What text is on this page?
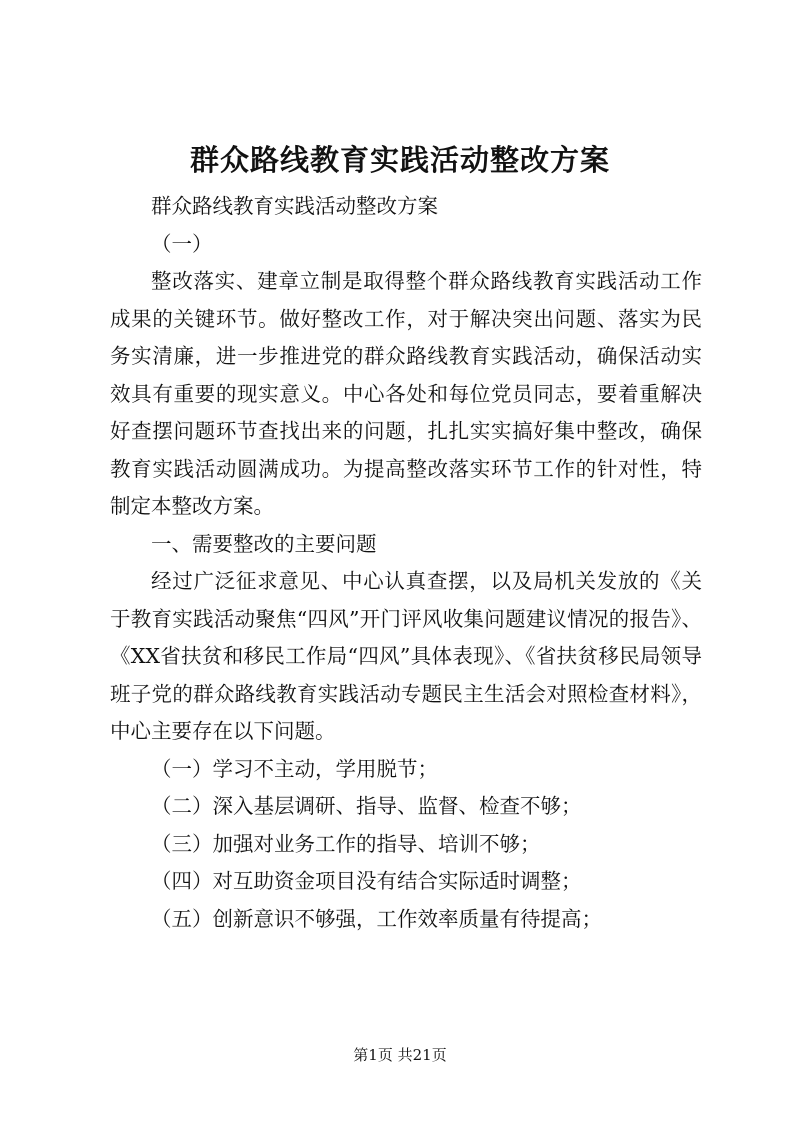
群众路线教育实践活动整改方案

群众路线教育实践活动整改方案

（一）

整改落实、建章立制是取得整个群众路线教育实践活动工作成果的关键环节。做好整改工作，对于解决突出问题、落实为民务实清廉，进一步推进党的群众路线教育实践活动，确保活动实效具有重要的现实意义。中心各处和每位党员同志，要着重解决好查摆问题环节查找出来的问题，扎扎实实搞好集中整改，确保教育实践活动圆满成功。为提高整改落实环节工作的针对性，特制定本整改方案。

一、需要整改的主要问题

经过广泛征求意见、中心认真查摆，以及局机关发放的《关于教育实践活动聚焦“四风”开门评风收集问题建议情况的报告》、《XX省扶贫和移民工作局“四风”具体表现》、《省扶贫移民局领导班子党的群众路线教育实践活动专题民主生活会对照检查材料》，中心主要存在以下问题。

（一）学习不主动，学用脱节；

（二）深入基层调研、指导、监督、检查不够；

（三）加强对业务工作的指导、培训不够；

（四）对互助资金项目没有结合实际适时调整；

（五）创新意识不够强，工作效率质量有待提高；

第1页 共21页
